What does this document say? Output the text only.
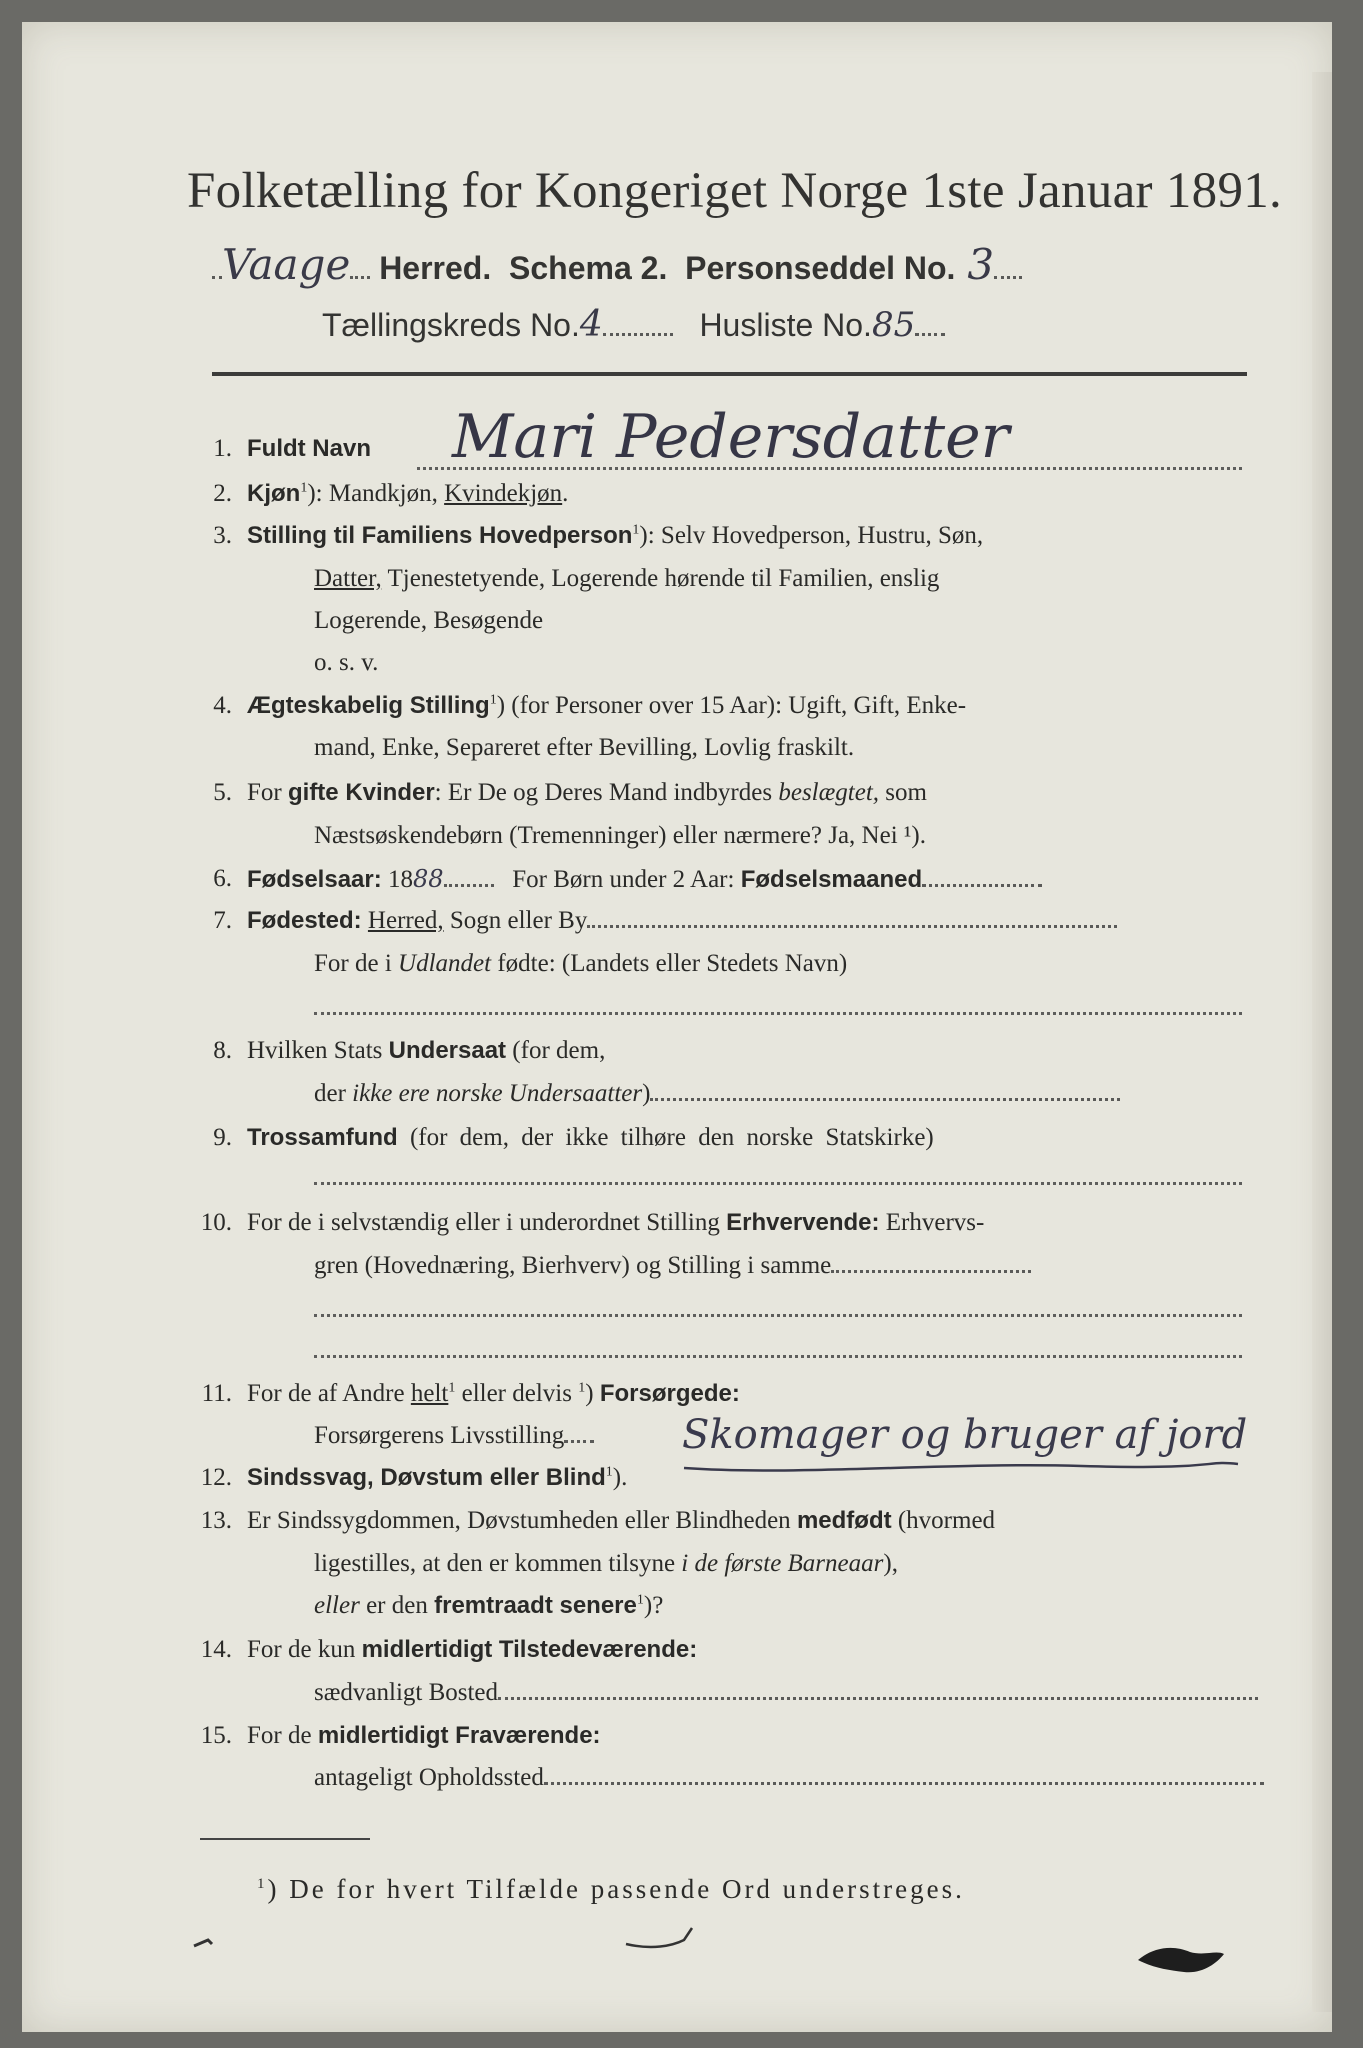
Folketælling for Kongeriget Norge 1ste Januar 1891.
Vaage Herred. Schema 2. Personseddel No. 3
Tællingskreds No.4	Husliste No.85
1. Fuldt Navn Mari Pedersdatter
2. Kjøn$^1$): Mandkjøn, Kvindekjøn.
3. Stilling til Familiens Hovedperson$^1$): Selv Hovedperson, Hustru, Søn,
Datter, Tjenestetyende, Logerende hørende til Familien, enslig
Logerende, Besøgende
o. s. v.
4. Ægteskabelig Stilling$^1$) (for Personer over 15 Aar): Ugift, Gift, Enke-
mand, Enke, Separeret efter Bevilling, Lovlig fraskilt.
5. For gifte Kvinder: Er De og Deres Mand indbyrdes beslægtet, som
Næstsøskendebørn (Tremenninger) eller nærmere? Ja, Nei ¹).
6. Fødselsaar: 1888	For Børn under 2 Aar: Fødselsmaaned
7. Fødested: Herred, Sogn eller By
For de i Udlandet fødte: (Landets eller Stedets Navn)
8. Hvilken Stats Undersaat (for dem,
der ikke ere norske Undersaatter)
9. Trossamfund (for dem, der ikke tilhøre den norske Statskirke)
10. For de i selvstændig eller i underordnet Stilling Erhvervende: Erhvervs-
gren (Hovednæring, Bierhverv) og Stilling i samme
11. For de af Andre helt$^1$ eller delvis $^1$) Forsørgede:
Forsørgerens Livsstilling	Skomager og bruger af jord
12. Sindssvag, Døvstum eller Blind$^1$).
13. Er Sindssygdommen, Døvstumheden eller Blindheden medfødt (hvormed
ligestilles, at den er kommen tilsyne i de første Barneaar),
eller er den fremtraadt senere$^1$)?
14. For de kun midlertidigt Tilstedeværende:
sædvanligt Bosted
15. For de midlertidigt Fraværende:
antageligt Opholdssted
$^1$) De for hvert Tilfælde passende Ord understreges.
